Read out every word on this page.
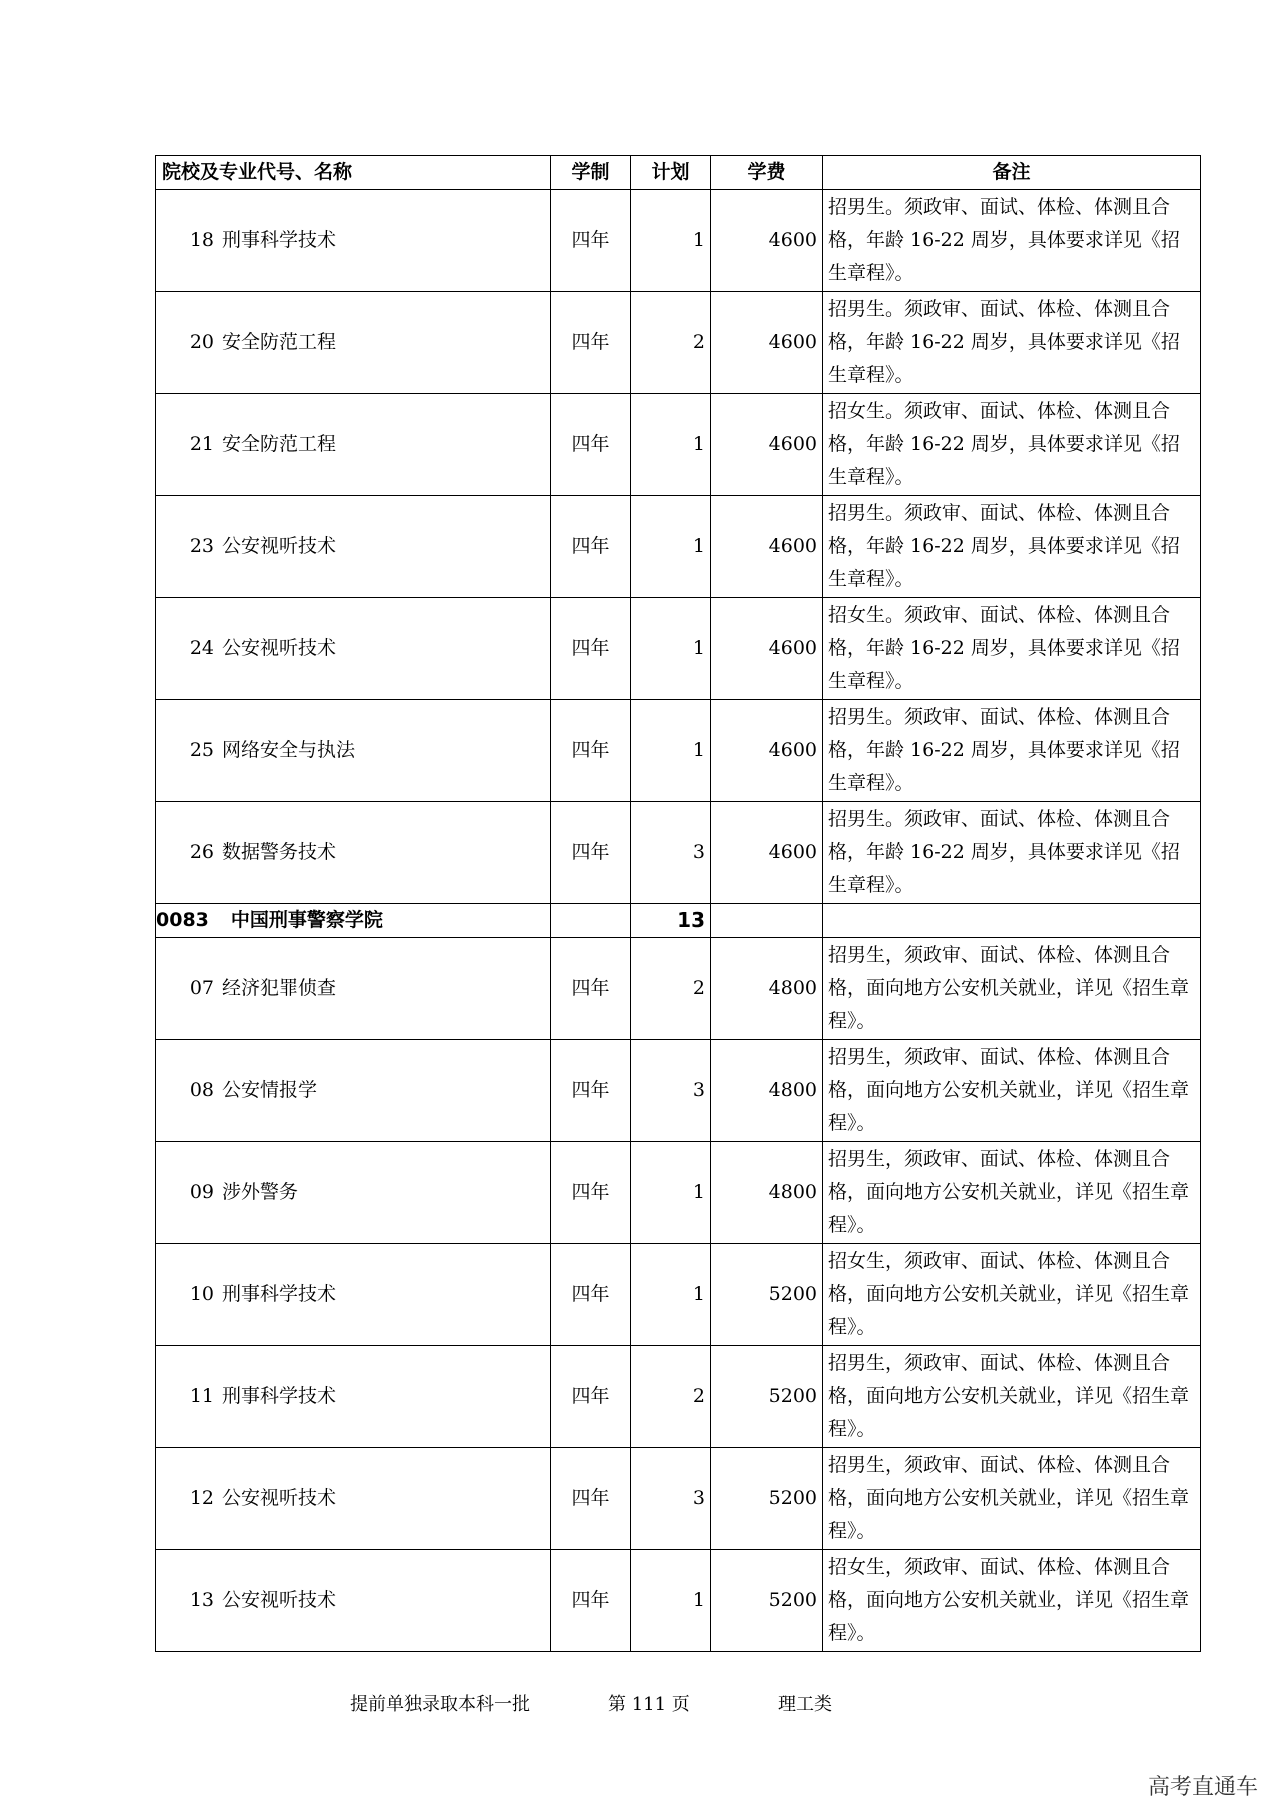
院校及专业代号、名称	学制	计划	学费	备注
18 刑事科学技术	四年	1	4600	招男生。须政审、面试、体检、体测且合格，年龄 16-22 周岁，具体要求详见《招生章程》。
20 安全防范工程	四年	2	4600	招男生。须政审、面试、体检、体测且合格，年龄 16-22 周岁，具体要求详见《招生章程》。
21 安全防范工程	四年	1	4600	招女生。须政审、面试、体检、体测且合格，年龄 16-22 周岁，具体要求详见《招生章程》。
23 公安视听技术	四年	1	4600	招男生。须政审、面试、体检、体测且合格，年龄 16-22 周岁，具体要求详见《招生章程》。
24 公安视听技术	四年	1	4600	招女生。须政审、面试、体检、体测且合格，年龄 16-22 周岁，具体要求详见《招生章程》。
25 网络安全与执法	四年	1	4600	招男生。须政审、面试、体检、体测且合格，年龄 16-22 周岁，具体要求详见《招生章程》。
26 数据警务技术	四年	3	4600	招男生。须政审、面试、体检、体测且合格，年龄 16-22 周岁，具体要求详见《招生章程》。
0083 中国刑事警察学院		13		
07 经济犯罪侦查	四年	2	4800	招男生，须政审、面试、体检、体测且合格，面向地方公安机关就业，详见《招生章程》。
08 公安情报学	四年	3	4800	招男生，须政审、面试、体检、体测且合格，面向地方公安机关就业，详见《招生章程》。
09 涉外警务	四年	1	4800	招男生，须政审、面试、体检、体测且合格，面向地方公安机关就业，详见《招生章程》。
10 刑事科学技术	四年	1	5200	招女生，须政审、面试、体检、体测且合格，面向地方公安机关就业，详见《招生章程》。
11 刑事科学技术	四年	2	5200	招男生，须政审、面试、体检、体测且合格，面向地方公安机关就业，详见《招生章程》。
12 公安视听技术	四年	3	5200	招男生，须政审、面试、体检、体测且合格，面向地方公安机关就业，详见《招生章程》。
13 公安视听技术	四年	1	5200	招女生，须政审、面试、体检、体测且合格，面向地方公安机关就业，详见《招生章程》。
提前单独录取本科一批	第 111 页	理工类
高考直通车
